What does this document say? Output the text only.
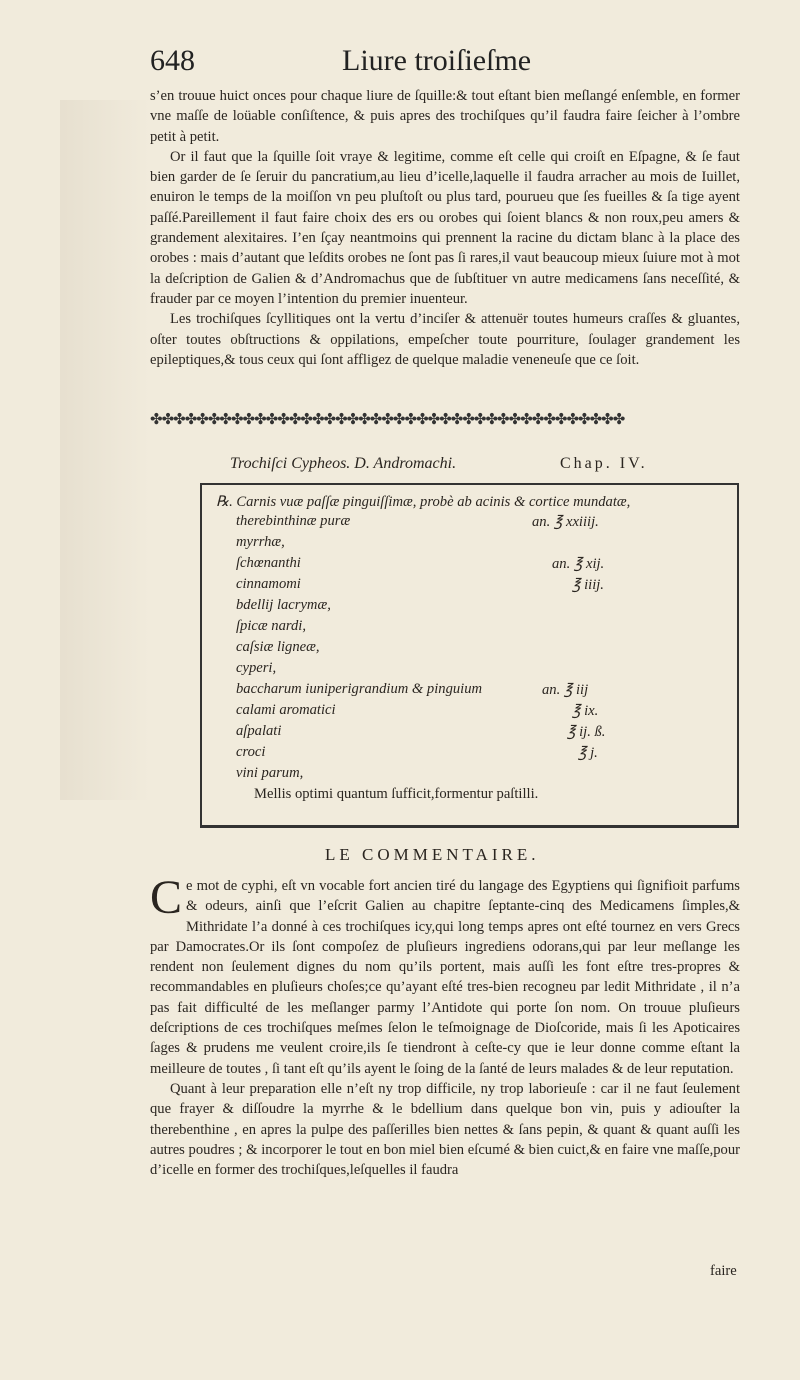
648	Liure troiſieſme
s’en trouue huict onces pour chaque liure de ſquille:& tout eſtant bien meſlangé enſemble, en former vne maſſe de loüable conſiſtence, & puis apres des trochiſques qu’il faudra faire ſeicher à l’ombre petit à petit.
Or il faut que la ſquille ſoit vraye & legitime, comme eſt celle qui croiſt en Eſpagne, & ſe faut bien garder de ſe ſeruir du pancratium,au lieu d’icelle,laquelle il faudra arracher au mois de Iuillet, enuiron le temps de la moiſſon vn peu pluſtoſt ou plus tard, pourueu que ſes fueilles & ſa tige ayent paſſé.Pareillement il faut faire choix des ers ou orobes qui ſoient blancs & non roux,peu amers & grandement alexitaires. I’en ſçay neantmoins qui prennent la racine du dictam blanc à la place des orobes : mais d’autant que leſdits orobes ne ſont pas ſi rares,il vaut beaucoup mieux ſuiure mot à mot la deſcription de Galien & d’Andromachus que de ſubſtituer vn autre medicamens ſans neceſſité, & frauder par ce moyen l’intention du premier inuenteur.
Les trochiſques ſcyllitiques ont la vertu d’inciſer & attenuër toutes humeurs craſſes & gluantes, oſter toutes obſtructions & oppilations, empeſcher toute pourriture, ſoulager grandement les epileptiques,& tous ceux qui ſont affligez de quelque maladie veneneuſe que ce ſoit.
✤✤✤✤✤✤✤✤✤✤✤✤✤✤✤✤✤✤✤✤✤✤✤✤✤✤✤✤✤✤✤✤✤✤✤✤✤✤✤✤✤
Trochiſci Cypheos. D. Andromachi.	Chap. IV.
℞. Carnis vuæ paſſæ pinguiſſimæ, probè ab acinis & cortice mundatæ,
therebinthinæ puræ
myrrhæ,
ſchœnanthi
cinnamomi
bdellij lacrymæ,
ſpicæ nardi,
caſsiæ ligneæ,
cyperi,
baccharum iuniperigrandium & pinguium
calami aromatici
aſpalati
croci
vini parum,
Mellis optimi quantum ſufficit,formentur paſtilli.
an. ℥ xxiiij.
an. ℥ xij.
℥ iiij.
an. ℥ iij
℥ ix.
℥ ij. ß.
℥ j.
LE COMMENTAIRE.
Ce mot de cyphi, eſt vn vocable fort ancien tiré du langage des Egyptiens qui ſignifioit parfums & odeurs, ainſi que l’eſcrit Galien au chapitre ſeptante-cinq des Medicamens ſimples,& Mithridate l’a donné à ces trochiſques icy,qui long temps apres ont eſté tournez en vers Grecs par Damocrates.Or ils ſont compoſez de pluſieurs ingrediens odorans,qui par leur meſlange les rendent non ſeulement dignes du nom qu’ils portent, mais auſſi les font eſtre tres-propres & recommandables en pluſieurs choſes;ce qu’ayant eſté tres-bien recogneu par ledit Mithridate , il n’a pas fait difficulté de les meſlanger parmy l’Antidote qui porte ſon nom. On trouue pluſieurs deſcriptions de ces trochiſques meſmes ſelon le teſmoignage de Dioſcoride, mais ſi les Apoticaires ſages & prudens me veulent croire,ils ſe tiendront à ceſte-cy que ie leur donne comme eſtant la meilleure de toutes , ſi tant eſt qu’ils ayent le ſoing de la ſanté de leurs malades & de leur reputation.
Quant à leur preparation elle n’eſt ny trop difficile, ny trop laborieuſe : car il ne faut ſeulement que frayer & diſſoudre la myrrhe & le bdellium dans quelque bon vin, puis y adiouſter la therebenthine , en apres la pulpe des paſſerilles bien nettes & ſans pepin, & quant & quant auſſi les autres poudres ; & incorporer le tout en bon miel bien eſcumé & bien cuict,& en faire vne maſſe,pour d’icelle en former des trochiſques,leſquelles il faudra
faire
